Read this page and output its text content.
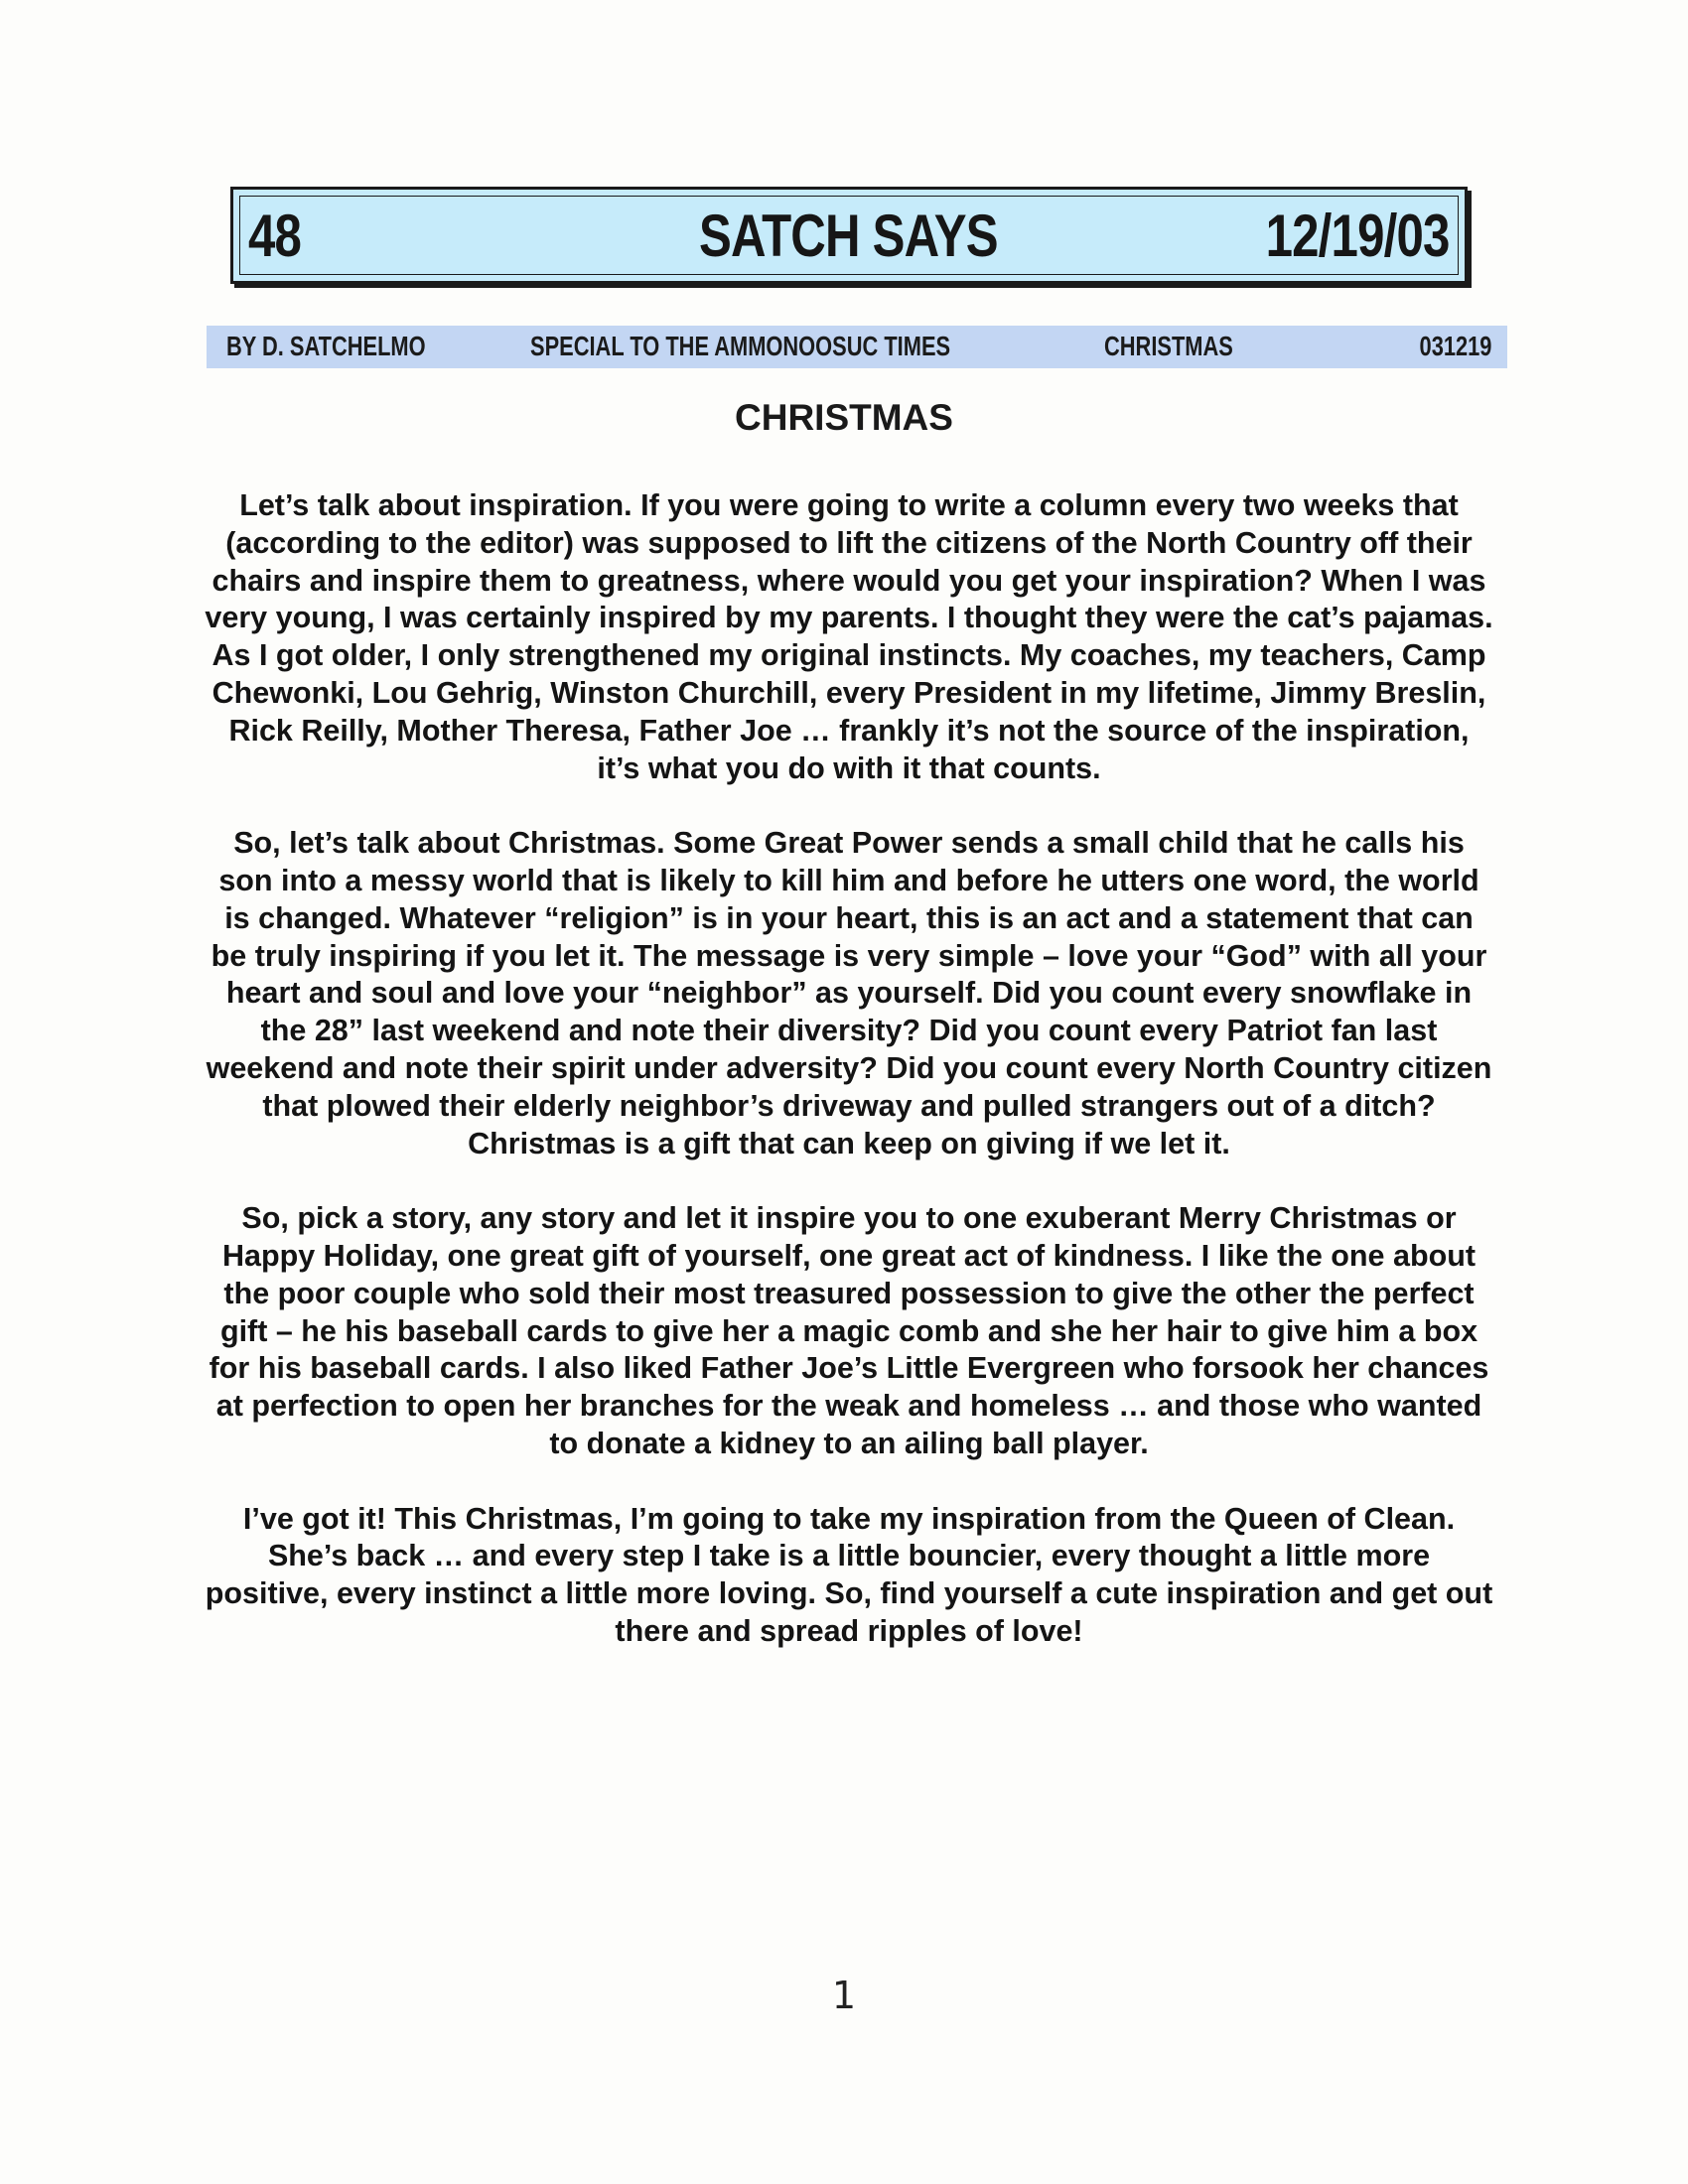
48	SATCH SAYS	12/19/03
BY D. SATCHELMO	SPECIAL TO THE AMMONOOSUC TIMES	CHRISTMAS	031219
CHRISTMAS

Let’s talk about inspiration. If you were going to write a column every two weeks that (according to the editor) was supposed to lift the citizens of the North Country off their chairs and inspire them to greatness, where would you get your inspiration? When I was very young, I was certainly inspired by my parents. I thought they were the cat’s pajamas. As I got older, I only strengthened my original instincts. My coaches, my teachers, Camp Chewonki, Lou Gehrig, Winston Churchill, every President in my lifetime, Jimmy Breslin, Rick Reilly, Mother Theresa, Father Joe … frankly it’s not the source of the inspiration, it’s what you do with it that counts.

So, let’s talk about Christmas. Some Great Power sends a small child that he calls his son into a messy world that is likely to kill him and before he utters one word, the world is changed. Whatever “religion” is in your heart, this is an act and a statement that can be truly inspiring if you let it. The message is very simple – love your “God” with all your heart and soul and love your “neighbor” as yourself. Did you count every snowflake in the 28” last weekend and note their diversity? Did you count every Patriot fan last weekend and note their spirit under adversity? Did you count every North Country citizen that plowed their elderly neighbor’s driveway and pulled strangers out of a ditch? Christmas is a gift that can keep on giving if we let it.

So, pick a story, any story and let it inspire you to one exuberant Merry Christmas or Happy Holiday, one great gift of yourself, one great act of kindness. I like the one about the poor couple who sold their most treasured possession to give the other the perfect gift – he his baseball cards to give her a magic comb and she her hair to give him a box for his baseball cards. I also liked Father Joe’s Little Evergreen who forsook her chances at perfection to open her branches for the weak and homeless … and those who wanted to donate a kidney to an ailing ball player.

I’ve got it! This Christmas, I’m going to take my inspiration from the Queen of Clean. She’s back … and every step I take is a little bouncier, every thought a little more positive, every instinct a little more loving. So, find yourself a cute inspiration and get out there and spread ripples of love!

1
